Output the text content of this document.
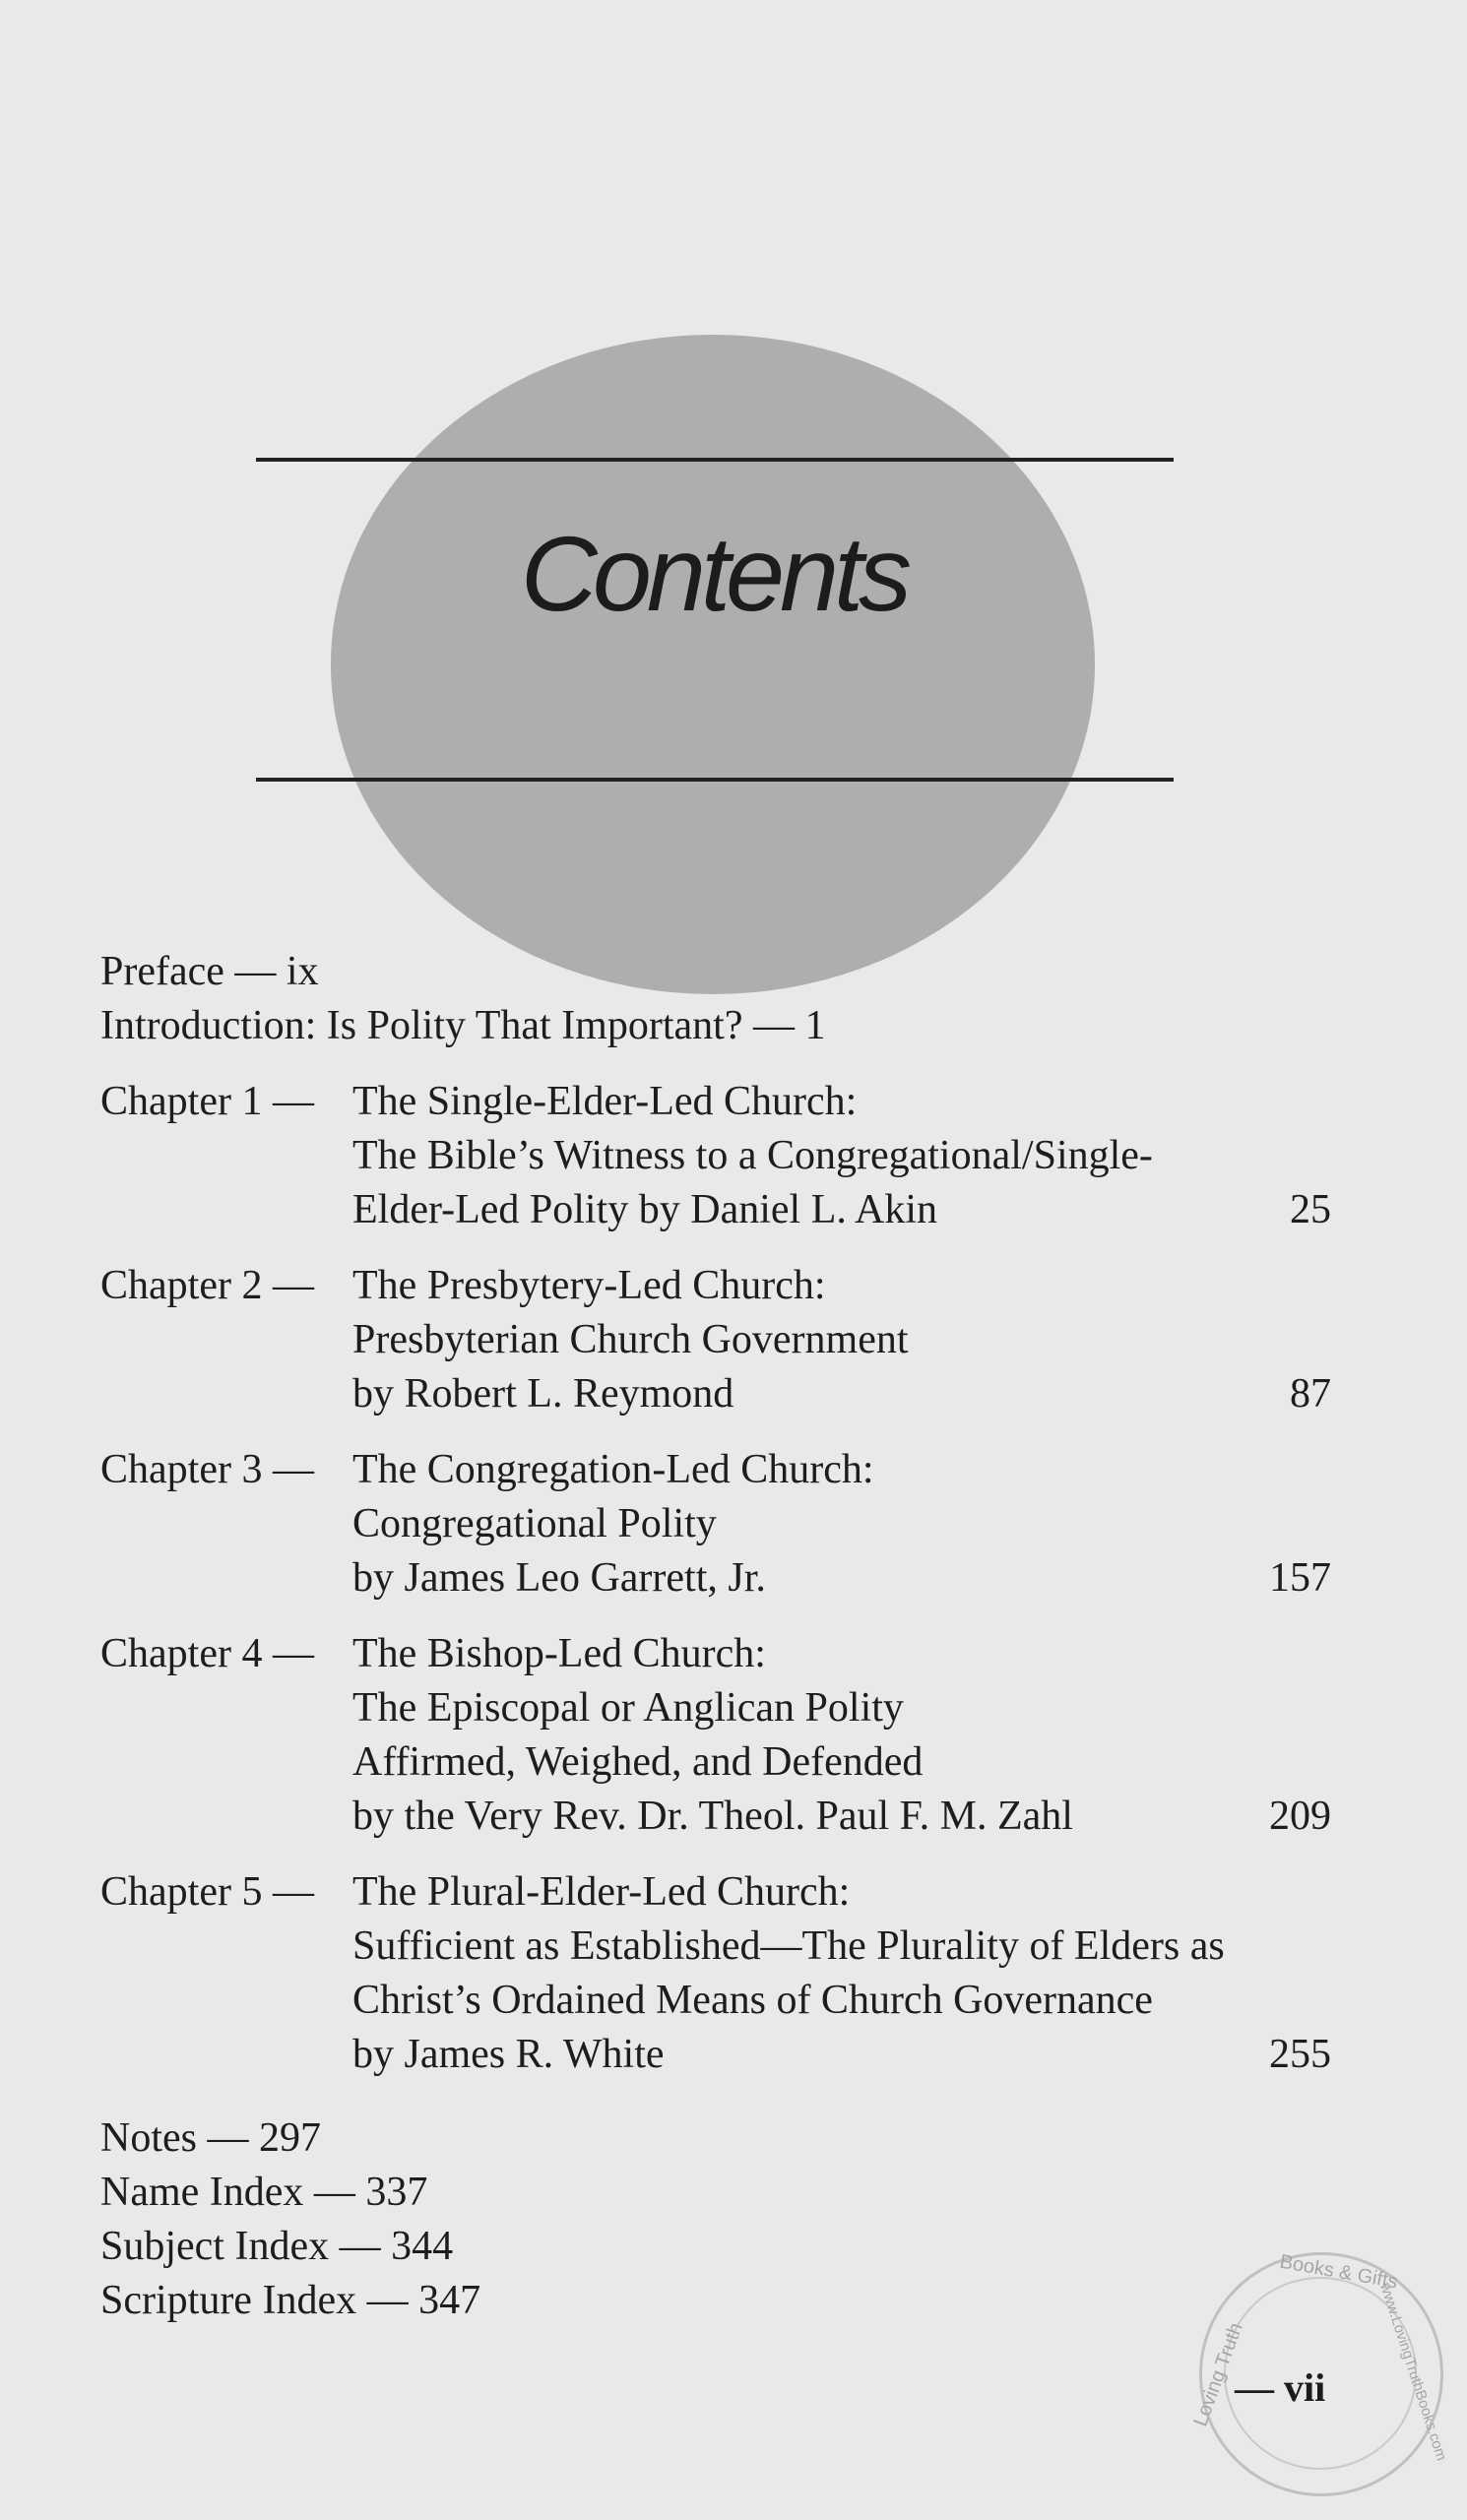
Contents
Preface — ix
Introduction: Is Polity That Important? — 1
Chapter 1 — The Single-Elder-Led Church:
The Bible’s Witness to a Congregational/Single-
Elder-Led Polity by Daniel L. Akin	25
Chapter 2 — The Presbytery-Led Church:
Presbyterian Church Government
by Robert L. Reymond	87
Chapter 3 — The Congregation-Led Church:
Congregational Polity
by James Leo Garrett, Jr.	157
Chapter 4 — The Bishop-Led Church:
The Episcopal or Anglican Polity
Affirmed, Weighed, and Defended
by the Very Rev. Dr. Theol. Paul F. M. Zahl	209
Chapter 5 — The Plural-Elder-Led Church:
Sufficient as Established—The Plurality of Elders as
Christ’s Ordained Means of Church Governance
by James R. White	255
Notes — 297
Name Index — 337
Subject Index — 344
Scripture Index — 347
Books & Gifts
Loving Truth	www.LovingTruthBooks.com
— vii
